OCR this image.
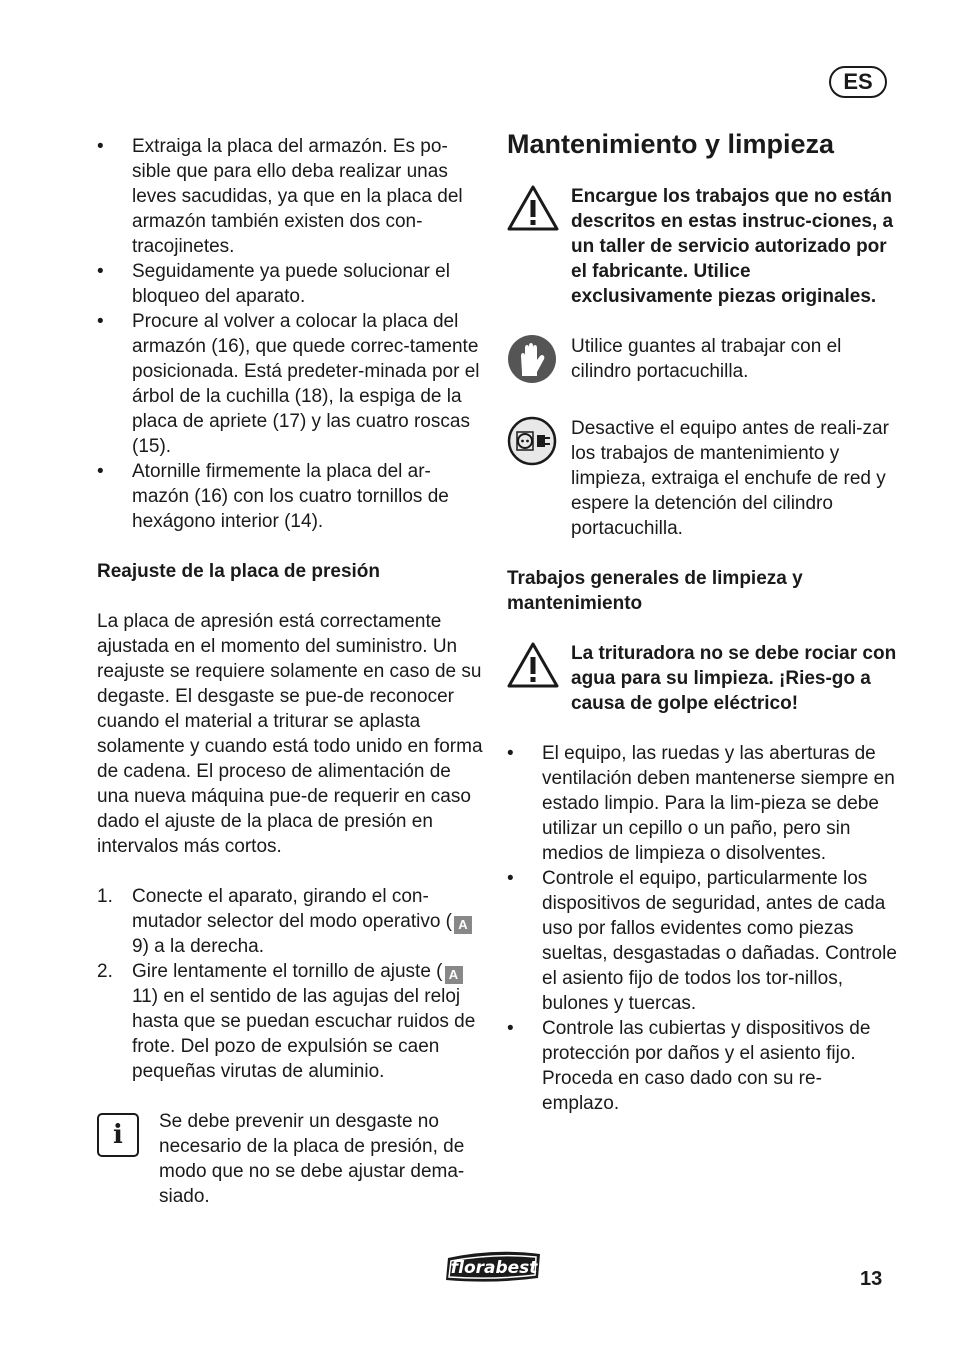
ES
• Extraiga la placa del armazón. Es po-sible que para ello deba realizar unas leves sacudidas, ya que en la placa del armazón también existen dos con-tracojinetes.
• Seguidamente ya puede solucionar el bloqueo del aparato.
• Procure al volver a colocar la placa del armazón (16), que quede correc-tamente posicionada. Está predeter-minada por el árbol de la cuchilla (18), la espiga de la placa de apriete (17) y las cuatro roscas (15).
• Atornille firmemente la placa del ar-mazón (16) con los cuatro tornillos de hexágono interior (14).
Reajuste de la placa de presión

La placa de apresión está correctamente ajustada en el momento del suministro. Un reajuste se requiere solamente en caso de su degaste. El desgaste se pue-de reconocer cuando el material a triturar se aplasta solamente y cuando está todo unido en forma de cadena. El proceso de alimentación de una nueva máquina pue-de requerir en caso dado el ajuste de la placa de presión en intervalos más cortos.

1. Conecte el aparato, girando el con-mutador selector del modo operativo ( A9) a la derecha.
2. Gire lentamente el tornillo de ajuste ( A11) en el sentido de las agujas del reloj hasta que se puedan escuchar ruidos de frote. Del pozo de expulsión se caen pequeñas virutas de aluminio.
i	Se debe prevenir un desgaste no necesario de la placa de presión, de modo que no se debe ajustar dema-siado.
Mantenimiento y limpieza
Encargue los trabajos que no están descritos en estas instruc-ciones, a un taller de servicio autorizado por el fabricante. Utilice exclusivamente piezas originales.
Utilice guantes al trabajar con el cilindro portacuchilla.
Desactive el equipo antes de reali-zar los trabajos de mantenimiento y limpieza, extraiga el enchufe de red y espere la detención del cilindro portacuchilla.
Trabajos generales de limpieza y mantenimiento
La trituradora no se debe rociar con agua para su limpieza. ¡Ries-go a causa de golpe eléctrico!
• El equipo, las ruedas y las aberturas de ventilación deben mantenerse siempre en estado limpio. Para la lim-pieza se debe utilizar un cepillo o un paño, pero sin medios de limpieza o disolventes.
• Controle el equipo, particularmente los dispositivos de seguridad, antes de cada uso por fallos evidentes como piezas sueltas, desgastadas o dañadas. Controle el asiento fijo de todos los tor-nillos, bulones y tuercas.
• Controle las cubiertas y dispositivos de protección por daños y el asiento fijo. Proceda en caso dado con su re-emplazo.
florabest	13
